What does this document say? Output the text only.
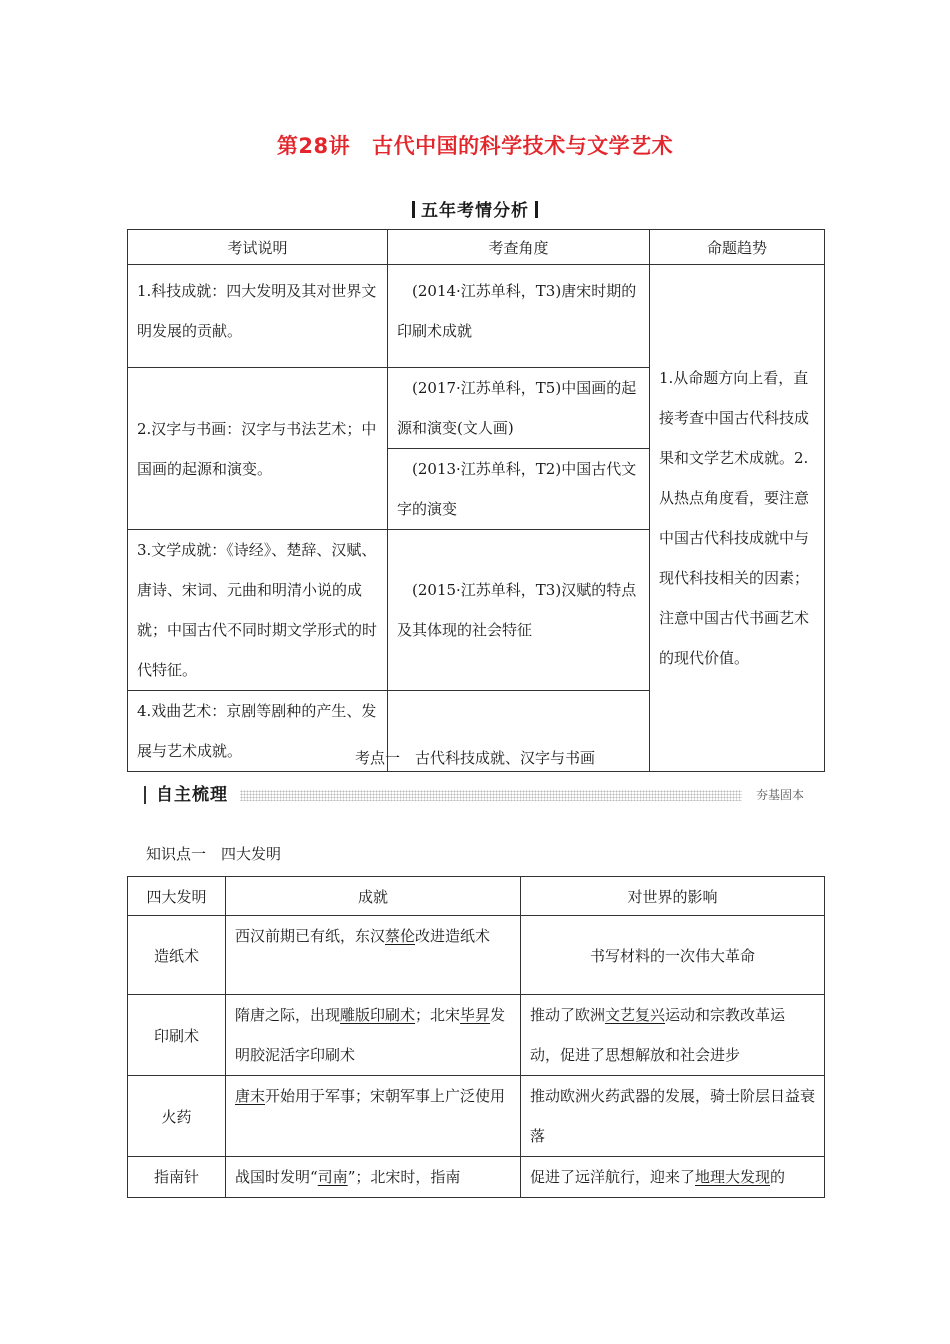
第28讲 古代中国的科学技术与文学艺术
五年考情分析
考试说明	考查角度	命题趋势

1.科技成就：四大发明及其对世界文明发展的贡献。	(2014·江苏单科，T3)唐宋时期的印刷术成就	1.从命题方向上看，直接考查中国古代科技成果和文学艺术成就。2.从热点角度看，要注意中国古代科技成就中与现代科技相关的因素；注意中国古代书画艺术的现代价值。

2.汉字与书画：汉字与书法艺术；中国画的起源和演变。	(2017·江苏单科，T5)中国画的起源和演变(文人画)	

	(2013·江苏单科，T2)中国古代文字的演变	

3.文学成就：《诗经》、楚辞、汉赋、唐诗、宋词、元曲和明清小说的成就；中国古代不同时期文学形式的时代特征。	(2015·江苏单科，T3)汉赋的特点及其体现的社会特征	

4.戏曲艺术：京剧等剧种的产生、发展与艺术成就。		
		考点一　古代科技成就、汉字与书画
自主梳理	夯基固本
知识点一　四大发明
四大发明	成就	对世界的影响
造纸术	西汉前期已有纸，东汉蔡伦改进造纸术	书写材料的一次伟大革命
印刷术	隋唐之际，出现雕版印刷术；北宋毕昇发明胶泥活字印刷术	推动了欧洲文艺复兴运动和宗教改革运动，促进了思想解放和社会进步

火药	唐末开始用于军事；宋朝军事上广泛使用	推动欧洲火药武器的发展，骑士阶层日益衰落

指南针	战国时发明“司南”；北宋时，指南	促进了远洋航行，迎来了地理大发现的
